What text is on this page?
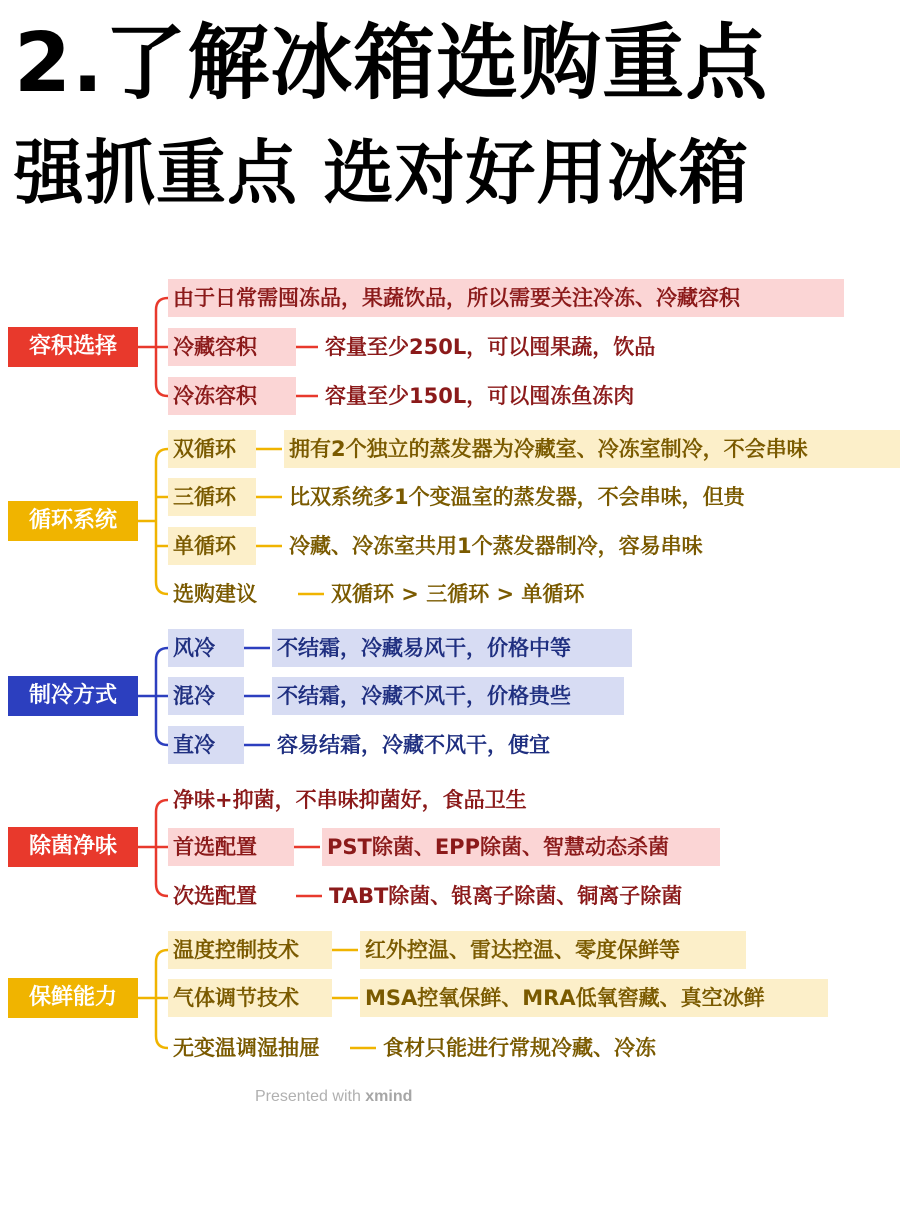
2.了解冰箱选购重点
强抓重点 选对好用冰箱
容积选择
由于日常需囤冻品，果蔬饮品，所以需要关注冷冻、冷藏容积
冷藏容积	容量至少250L，可以囤果蔬，饮品
冷冻容积	容量至少150L，可以囤冻鱼冻肉
循环系统
双循环	拥有2个独立的蒸发器为冷藏室、冷冻室制冷，不会串味
三循环	比双系统多1个变温室的蒸发器，不会串味，但贵
单循环	冷藏、冷冻室共用1个蒸发器制冷，容易串味
选购建议	双循环 > 三循环 > 单循环
制冷方式
风冷	不结霜，冷藏易风干，价格中等
混冷	不结霜，冷藏不风干，价格贵些
直冷	容易结霜，冷藏不风干，便宜
除菌净味
净味+抑菌，不串味抑菌好，食品卫生
首选配置	PST除菌、EPP除菌、智慧动态杀菌
次选配置	TABT除菌、银离子除菌、铜离子除菌
保鲜能力
温度控制技术	红外控温、雷达控温、零度保鲜等
气体调节技术	MSA控氧保鲜、MRA低氧窖藏、真空冰鲜
无变温调湿抽屉	食材只能进行常规冷藏、冷冻
Presented with xmind
